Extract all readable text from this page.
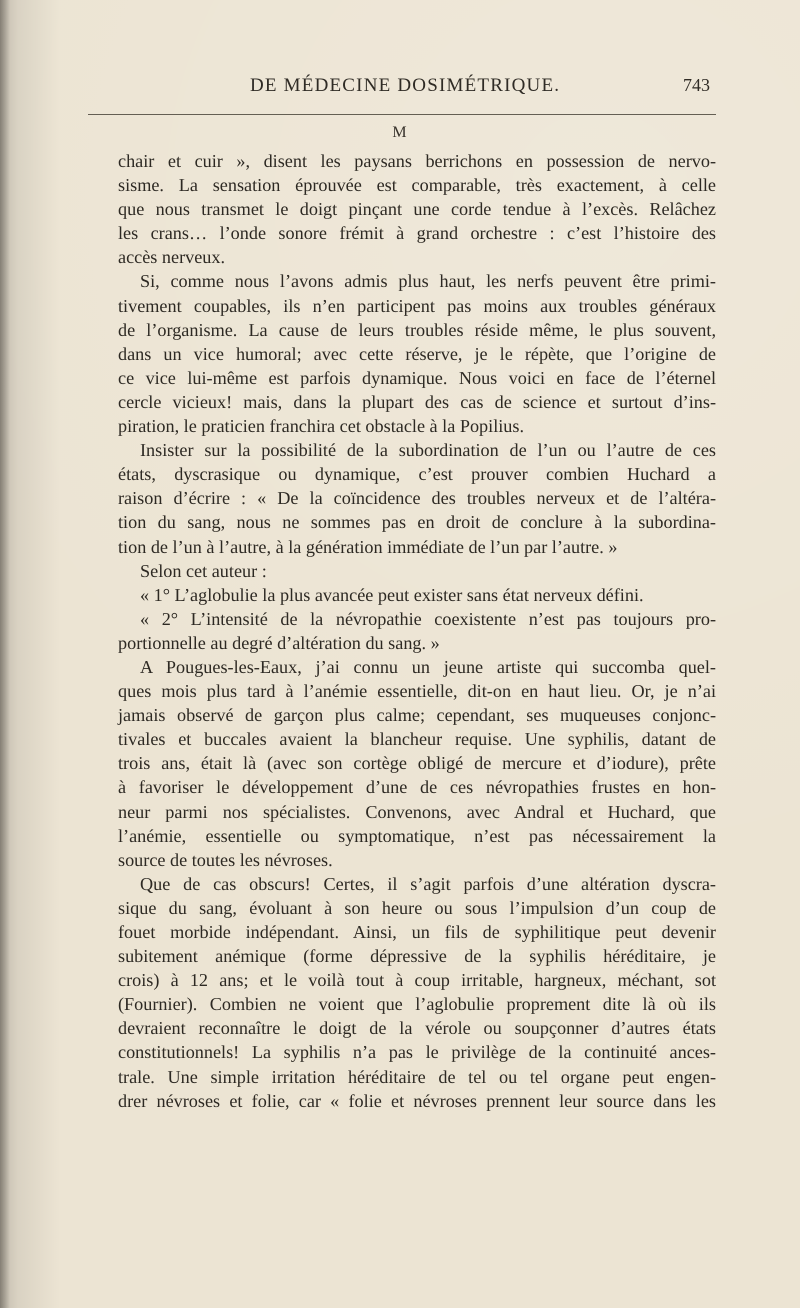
DE MÉDECINE DOSIMÉTRIQUE.	743
M
chair et cuir », disent les paysans berrichons en possession de nervo-
sisme. La sensation éprouvée est comparable, très exactement, à celle
que nous transmet le doigt pinçant une corde tendue à l’excès. Relâchez
les crans… l’onde sonore frémit à grand orchestre : c’est l’histoire des
accès nerveux.
Si, comme nous l’avons admis plus haut, les nerfs peuvent être primi-
tivement coupables, ils n’en participent pas moins aux troubles généraux
de l’organisme. La cause de leurs troubles réside même, le plus souvent,
dans un vice humoral; avec cette réserve, je le répète, que l’origine de
ce vice lui-même est parfois dynamique. Nous voici en face de l’éternel
cercle vicieux! mais, dans la plupart des cas de science et surtout d’ins-
piration, le praticien franchira cet obstacle à la Popilius.
Insister sur la possibilité de la subordination de l’un ou l’autre de ces
états, dyscrasique ou dynamique, c’est prouver combien Huchard a
raison d’écrire : « De la coïncidence des troubles nerveux et de l’altéra-
tion du sang, nous ne sommes pas en droit de conclure à la subordina-
tion de l’un à l’autre, à la génération immédiate de l’un par l’autre. »
Selon cet auteur :
« 1° L’aglobulie la plus avancée peut exister sans état nerveux défini.
« 2° L’intensité de la névropathie coexistente n’est pas toujours pro-
portionnelle au degré d’altération du sang. »
A Pougues-les-Eaux, j’ai connu un jeune artiste qui succomba quel-
ques mois plus tard à l’anémie essentielle, dit-on en haut lieu. Or, je n’ai
jamais observé de garçon plus calme; cependant, ses muqueuses conjonc-
tivales et buccales avaient la blancheur requise. Une syphilis, datant de
trois ans, était là (avec son cortège obligé de mercure et d’iodure), prête
à favoriser le développement d’une de ces névropathies frustes en hon-
neur parmi nos spécialistes. Convenons, avec Andral et Huchard, que
l’anémie, essentielle ou symptomatique, n’est pas nécessairement la
source de toutes les névroses.
Que de cas obscurs! Certes, il s’agit parfois d’une altération dyscra-
sique du sang, évoluant à son heure ou sous l’impulsion d’un coup de
fouet morbide indépendant. Ainsi, un fils de syphilitique peut devenir
subitement anémique (forme dépressive de la syphilis héréditaire, je
crois) à 12 ans; et le voilà tout à coup irritable, hargneux, méchant, sot
(Fournier). Combien ne voient que l’aglobulie proprement dite là où ils
devraient reconnaître le doigt de la vérole ou soupçonner d’autres états
constitutionnels! La syphilis n’a pas le privilège de la continuité ances-
trale. Une simple irritation héréditaire de tel ou tel organe peut engen-
drer névroses et folie, car « folie et névroses prennent leur source dans les
